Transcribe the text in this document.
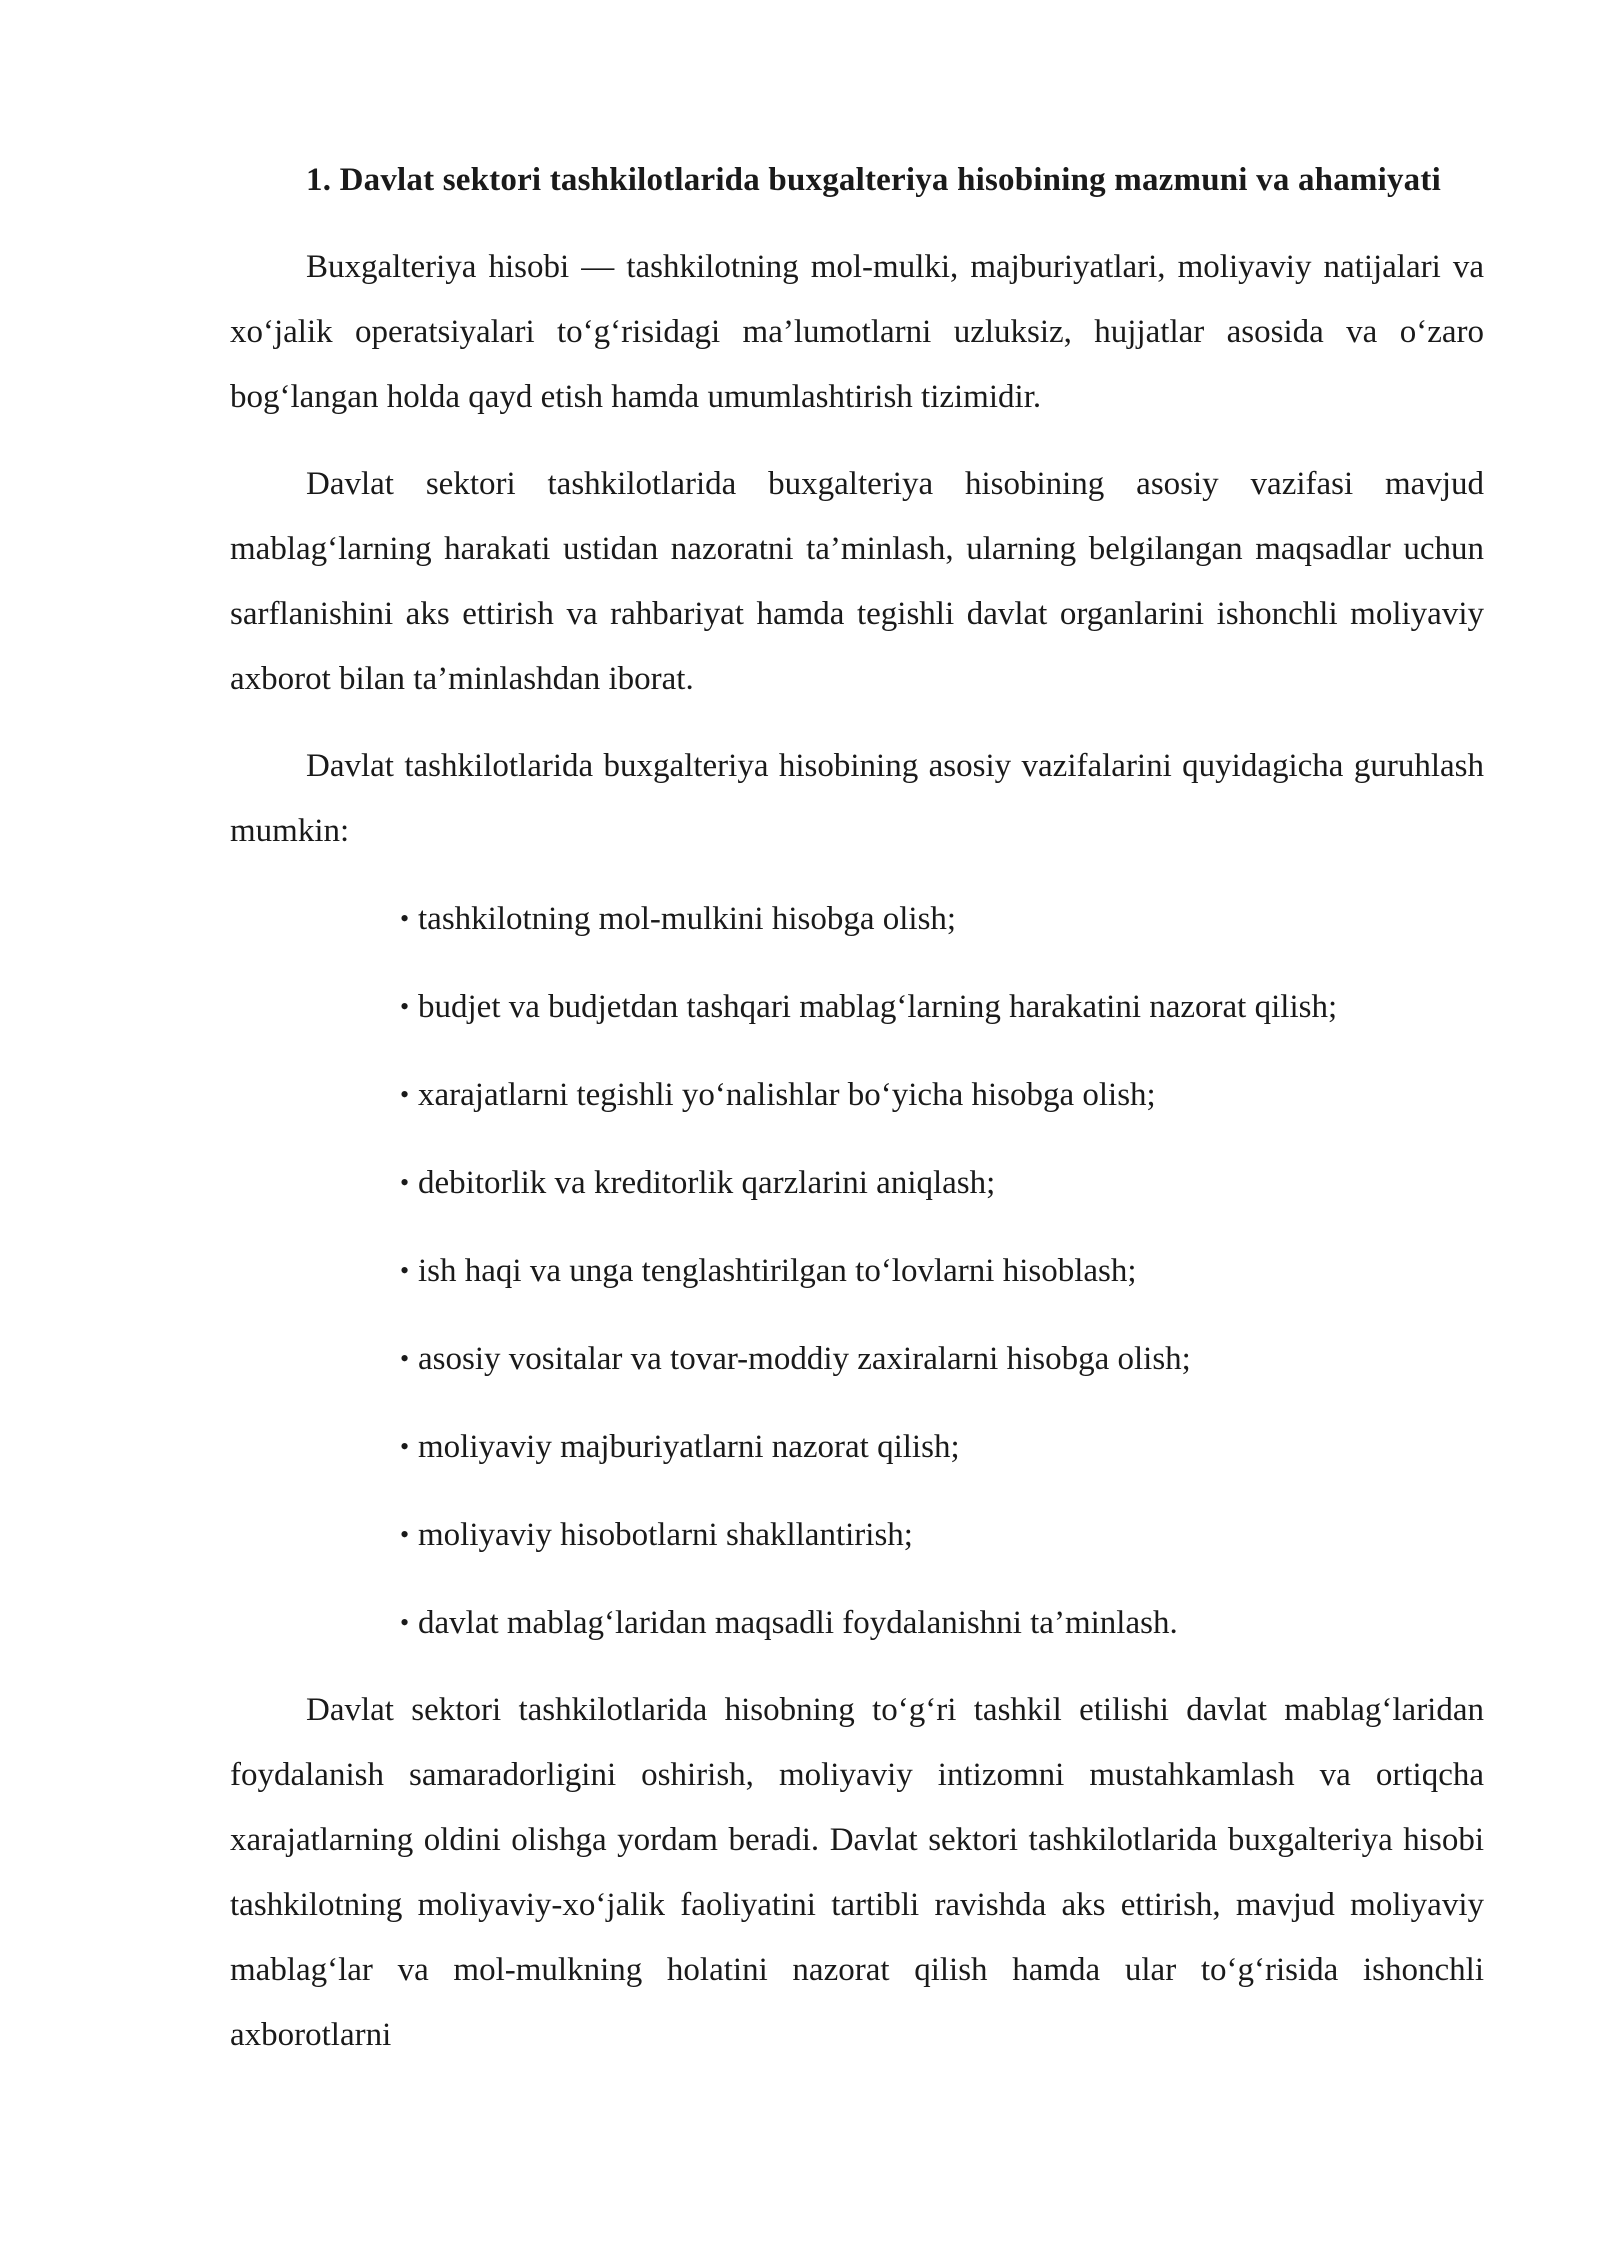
1. Davlat sektori tashkilotlarida buxgalteriya hisobining mazmuni va ahamiyati

Buxgalteriya hisobi — tashkilotning mol-mulki, majburiyatlari, moliyaviy natijalari va xo‘jalik operatsiyalari to‘g‘risidagi ma’lumotlarni uzluksiz, hujjatlar asosida va o‘zaro bog‘langan holda qayd etish hamda umumlashtirish tizimidir.

Davlat sektori tashkilotlarida buxgalteriya hisobining asosiy vazifasi mavjud mablag‘larning harakati ustidan nazoratni ta’minlash, ularning belgilangan maqsadlar uchun sarflanishini aks ettirish va rahbariyat hamda tegishli davlat organlarini ishonchli moliyaviy axborot bilan ta’minlashdan iborat.

Davlat tashkilotlarida buxgalteriya hisobining asosiy vazifalarini quyidagicha guruhlash mumkin:

• tashkilotning mol-mulkini hisobga olish;
• budjet va budjetdan tashqari mablag‘larning harakatini nazorat qilish;
• xarajatlarni tegishli yo‘nalishlar bo‘yicha hisobga olish;
• debitorlik va kreditorlik qarzlarini aniqlash;
• ish haqi va unga tenglashtirilgan to‘lovlarni hisoblash;
• asosiy vositalar va tovar-moddiy zaxiralarni hisobga olish;
• moliyaviy majburiyatlarni nazorat qilish;
• moliyaviy hisobotlarni shakllantirish;
• davlat mablag‘laridan maqsadli foydalanishni ta’minlash.

Davlat sektori tashkilotlarida hisobning to‘g‘ri tashkil etilishi davlat mablag‘laridan foydalanish samaradorligini oshirish, moliyaviy intizomni mustahkamlash va ortiqcha xarajatlarning oldini olishga yordam beradi. Davlat sektori tashkilotlarida buxgalteriya hisobi tashkilotning moliyaviy-xo‘jalik faoliyatini tartibli ravishda aks ettirish, mavjud moliyaviy mablag‘lar va mol-mulkning holatini nazorat qilish hamda ular to‘g‘risida ishonchli axborotlarni
